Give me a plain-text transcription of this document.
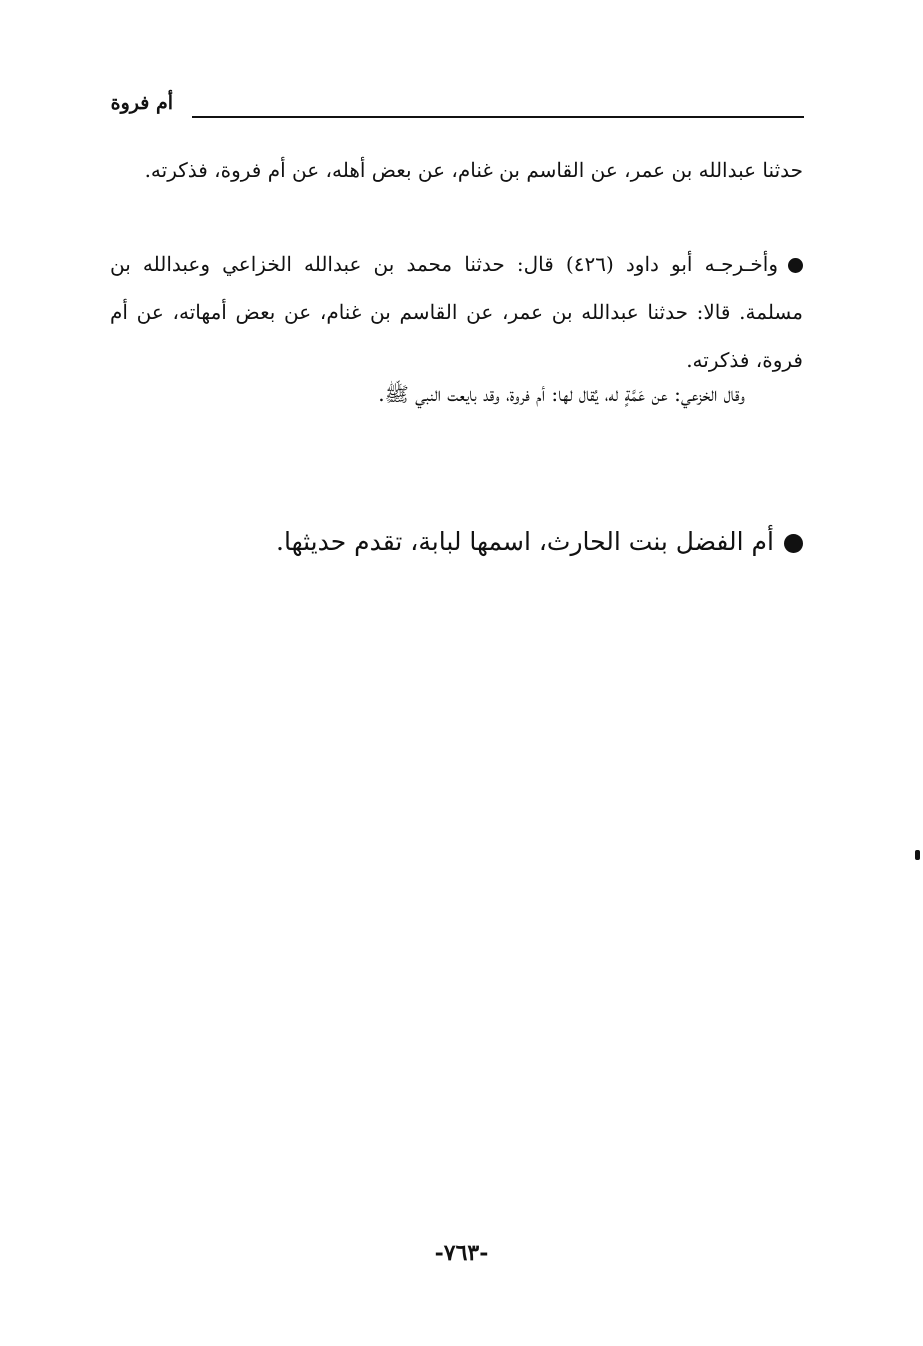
أم فروة
حدثنا عبدالله بن عمر، عن القاسم بن غنام، عن بعض أهله، عن أم فروة، فذكرته.
وأخـرجـه أبو داود (٤٢٦) قال: حدثنا محمد بن عبدالله الخزاعي وعبدالله بن مسلمة. قالا: حدثنا عبدالله بن عمر، عن القاسم بن غنام، عن بعض أمهاته، عن أم فروة، فذكرته.
وقال الخزعي: عن عَمَّةٍ له، يُقال لها: أم فروة، وقد بايعت النبي ﷺ.
أم الفضل بنت الحارث، اسمها لبابة، تقدم حديثها.
-٧٦٣-
